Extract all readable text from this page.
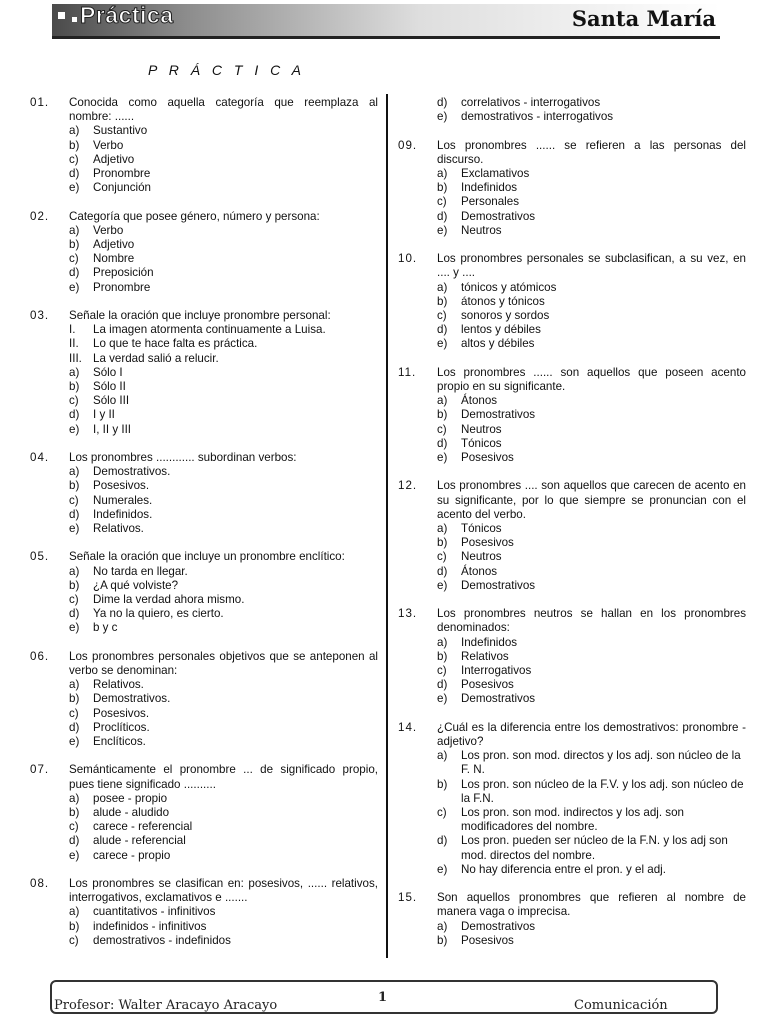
Práctica	Santa María
P R Á C T I C A
01.	Conocida como aquella categoría que reemplaza al nombre: ......
a)	Sustantivo
b)	Verbo
c)	Adjetivo
d)	Pronombre
e)	Conjunción
02.	Categoría que posee género, número y persona:
a)	Verbo
b)	Adjetivo
c)	Nombre
d)	Preposición
e)	Pronombre
03.	Señale la oración que incluye pronombre personal:
I.	La imagen atormenta continuamente a Luisa.
II.	Lo que te hace falta es práctica.
III. La verdad salió a relucir.
a)	Sólo I
b)	Sólo II
c)	Sólo III
d)	I y II
e)	I, II y III
04.	Los pronombres ............ subordinan verbos:
a)	Demostrativos.
b)	Posesivos.
c)	Numerales.
d)	Indefinidos.
e)	Relativos.
05.	Señale la oración que incluye un pronombre enclítico:
a)	No tarda en llegar.
b)	¿A qué volviste?
c)	Dime la verdad ahora mismo.
d)	Ya no la quiero, es cierto.
e)	b y c
06.	Los pronombres personales objetivos que se anteponen al verbo se denominan:
a)	Relativos.
b)	Demostrativos.
c)	Posesivos.
d)	Proclíticos.
e)	Enclíticos.
07.	Semánticamente el pronombre ... de significado propio, pues tiene significado ..........
a)	posee - propio
b)	alude - aludido
c)	carece - referencial
d)	alude - referencial
e)	carece - propio
08.	Los pronombres se clasifican en: posesivos, ...... relativos, interrogativos, exclamativos e .......
a)	cuantitativos - infinitivos
b)	indefinidos - infinitivos
c)	demostrativos - indefinidos
d)	correlativos - interrogativos
e)	demostrativos - interrogativos
09.	Los pronombres ...... se refieren a las personas del discurso.
a)	Exclamativos
b)	Indefinidos
c)	Personales
d)	Demostrativos
e)	Neutros
10.	Los pronombres personales se subclasifican, a su vez, en .... y ....
a)	tónicos y atómicos
b)	átonos y tónicos
c)	sonoros y sordos
d)	lentos y débiles
e)	altos y débiles
11.	Los pronombres ...... son aquellos que poseen acento propio en su significante.
a)	Átonos
b)	Demostrativos
c)	Neutros
d)	Tónicos
e)	Posesivos
12.	Los pronombres .... son aquellos que carecen de acento en su significante, por lo que siempre se pronuncian con el acento del verbo.
a)	Tónicos
b)	Posesivos
c)	Neutros
d)	Átonos
e)	Demostrativos
13.	Los pronombres neutros se hallan en los pronombres denominados:
a)	Indefinidos
b)	Relativos
c)	Interrogativos
d)	Posesivos
e)	Demostrativos
14.	¿Cuál es la diferencia entre los demostrativos: pronombre - adjetivo?
a)	Los pron. son mod. directos y los adj. son núcleo de la F. N.
b)	Los pron. son núcleo de la F.V. y los adj. son núcleo de la F.N.
c)	Los pron. son mod. indirectos y los adj. son modificadores del nombre.
d)	Los pron. pueden ser núcleo de la F.N. y los adj son mod. directos del nombre.
e)	No hay diferencia entre el pron. y el adj.
15.	Son aquellos pronombres que refieren al nombre de manera vaga o imprecisa.
a)	Demostrativos
b)	Posesivos
Profesor: Walter Aracayo Aracayo
1
Comunicación
